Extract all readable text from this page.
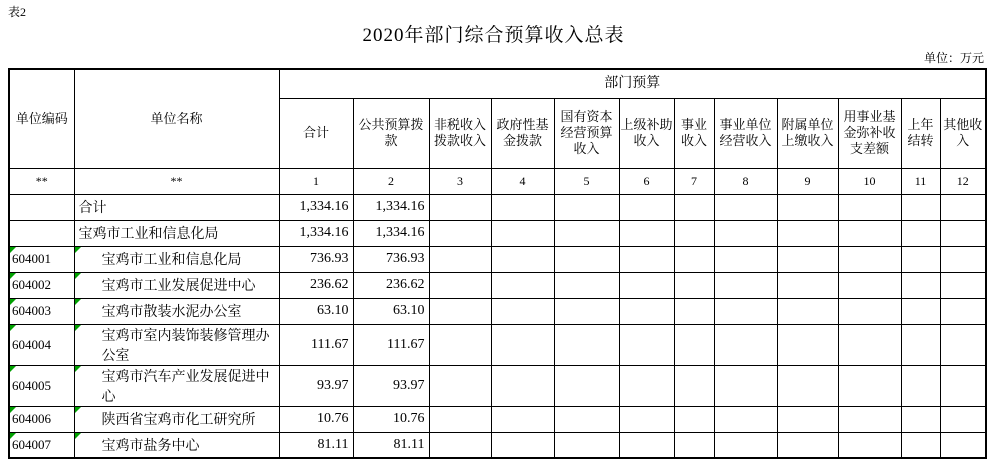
表2
2020年部门综合预算收入总表
单位：万元
单位编码	单位名称	部门预算											
		合计	公共预算拨款	非税收入拨款收入	政府性基金拨款	国有资本经营预算收入	上级补助收入	事业收入	事业单位经营收入	附属单位上缴收入	用事业基金弥补收支差额	上年结转	其他收入
**	**	1	2	3	4	5	6	7	8	9	10	11	12
	合计	1,334.16	1,334.16										
	宝鸡市工业和信息化局	1,334.16	1,334.16										
604001	宝鸡市工业和信息化局	736.93	736.93										
604002	宝鸡市工业发展促进中心	236.62	236.62										
604003	宝鸡市散装水泥办公室	63.10	63.10										
604004	宝鸡市室内装饰装修管理办公室	111.67	111.67										
604005	宝鸡市汽车产业发展促进中心	93.97	93.97										
604006	陕西省宝鸡市化工研究所	10.76	10.76										
604007	宝鸡市盐务中心	81.11	81.11										
